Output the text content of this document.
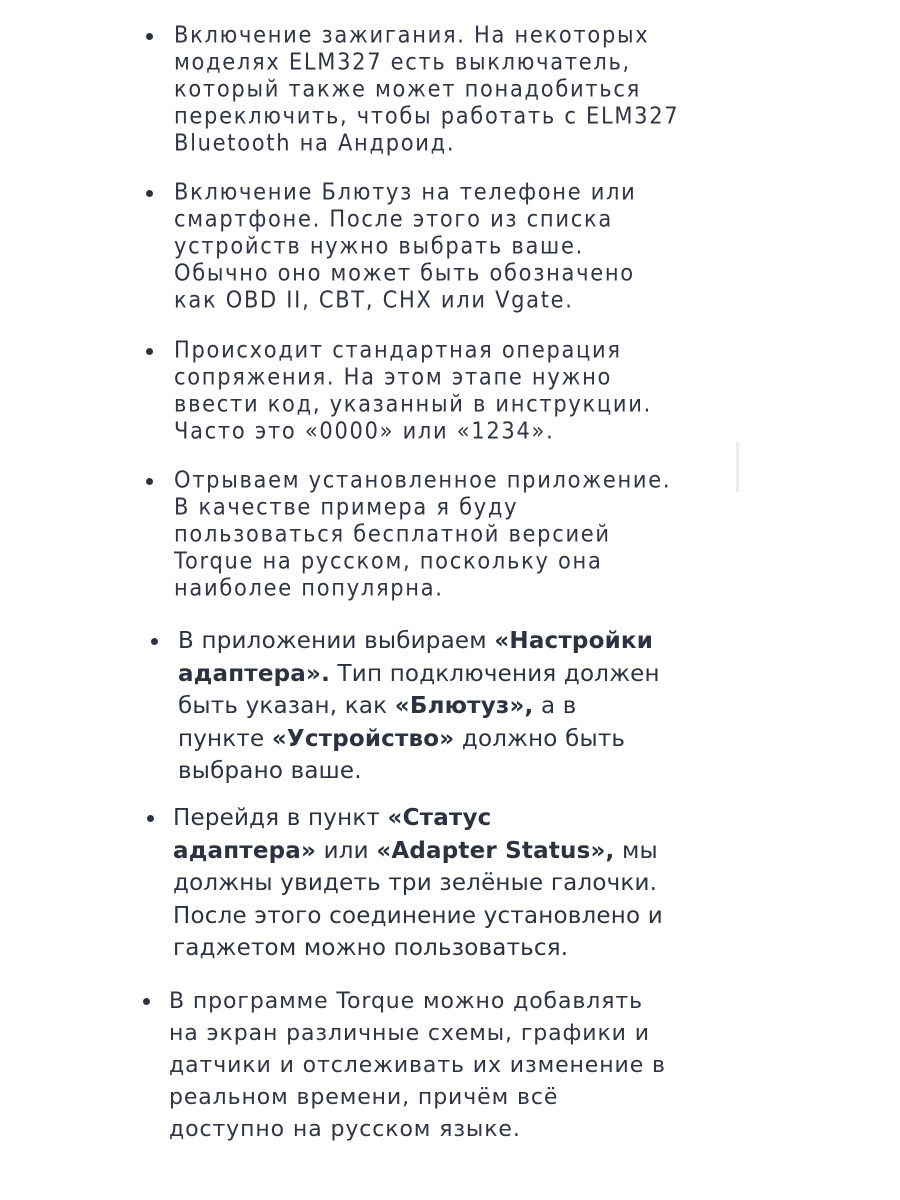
Включение зажигания. На некоторых
моделях ELM327 есть выключатель,
который также может понадобиться
переключить, чтобы работать с ELM327
Bluetooth на Андроид.

Включение Блютуз на телефоне или
смартфоне. После этого из списка
устройств нужно выбрать ваше.
Обычно оно может быть обозначено
как OBD II, CBT, CHX или Vgate.

Происходит стандартная операция
сопряжения. На этом этапе нужно
ввести код, указанный в инструкции.
Часто это «0000» или «1234».

Отрываем установленное приложение.
В качестве примера я буду
пользоваться бесплатной версией
Torque на русском, поскольку она
наиболее популярна.

В приложении выбираем «Настройки
адаптера». Тип подключения должен
быть указан, как «Блютуз», а в
пункте «Устройство» должно быть
выбрано ваше.

Перейдя в пункт «Статус
адаптера» или «Adapter Status», мы
должны увидеть три зелёные галочки.
После этого соединение установлено и
гаджетом можно пользоваться.

В программе Torque можно добавлять
на экран различные схемы, графики и
датчики и отслеживать их изменение в
реальном времени, причём всё
доступно на русском языке.
